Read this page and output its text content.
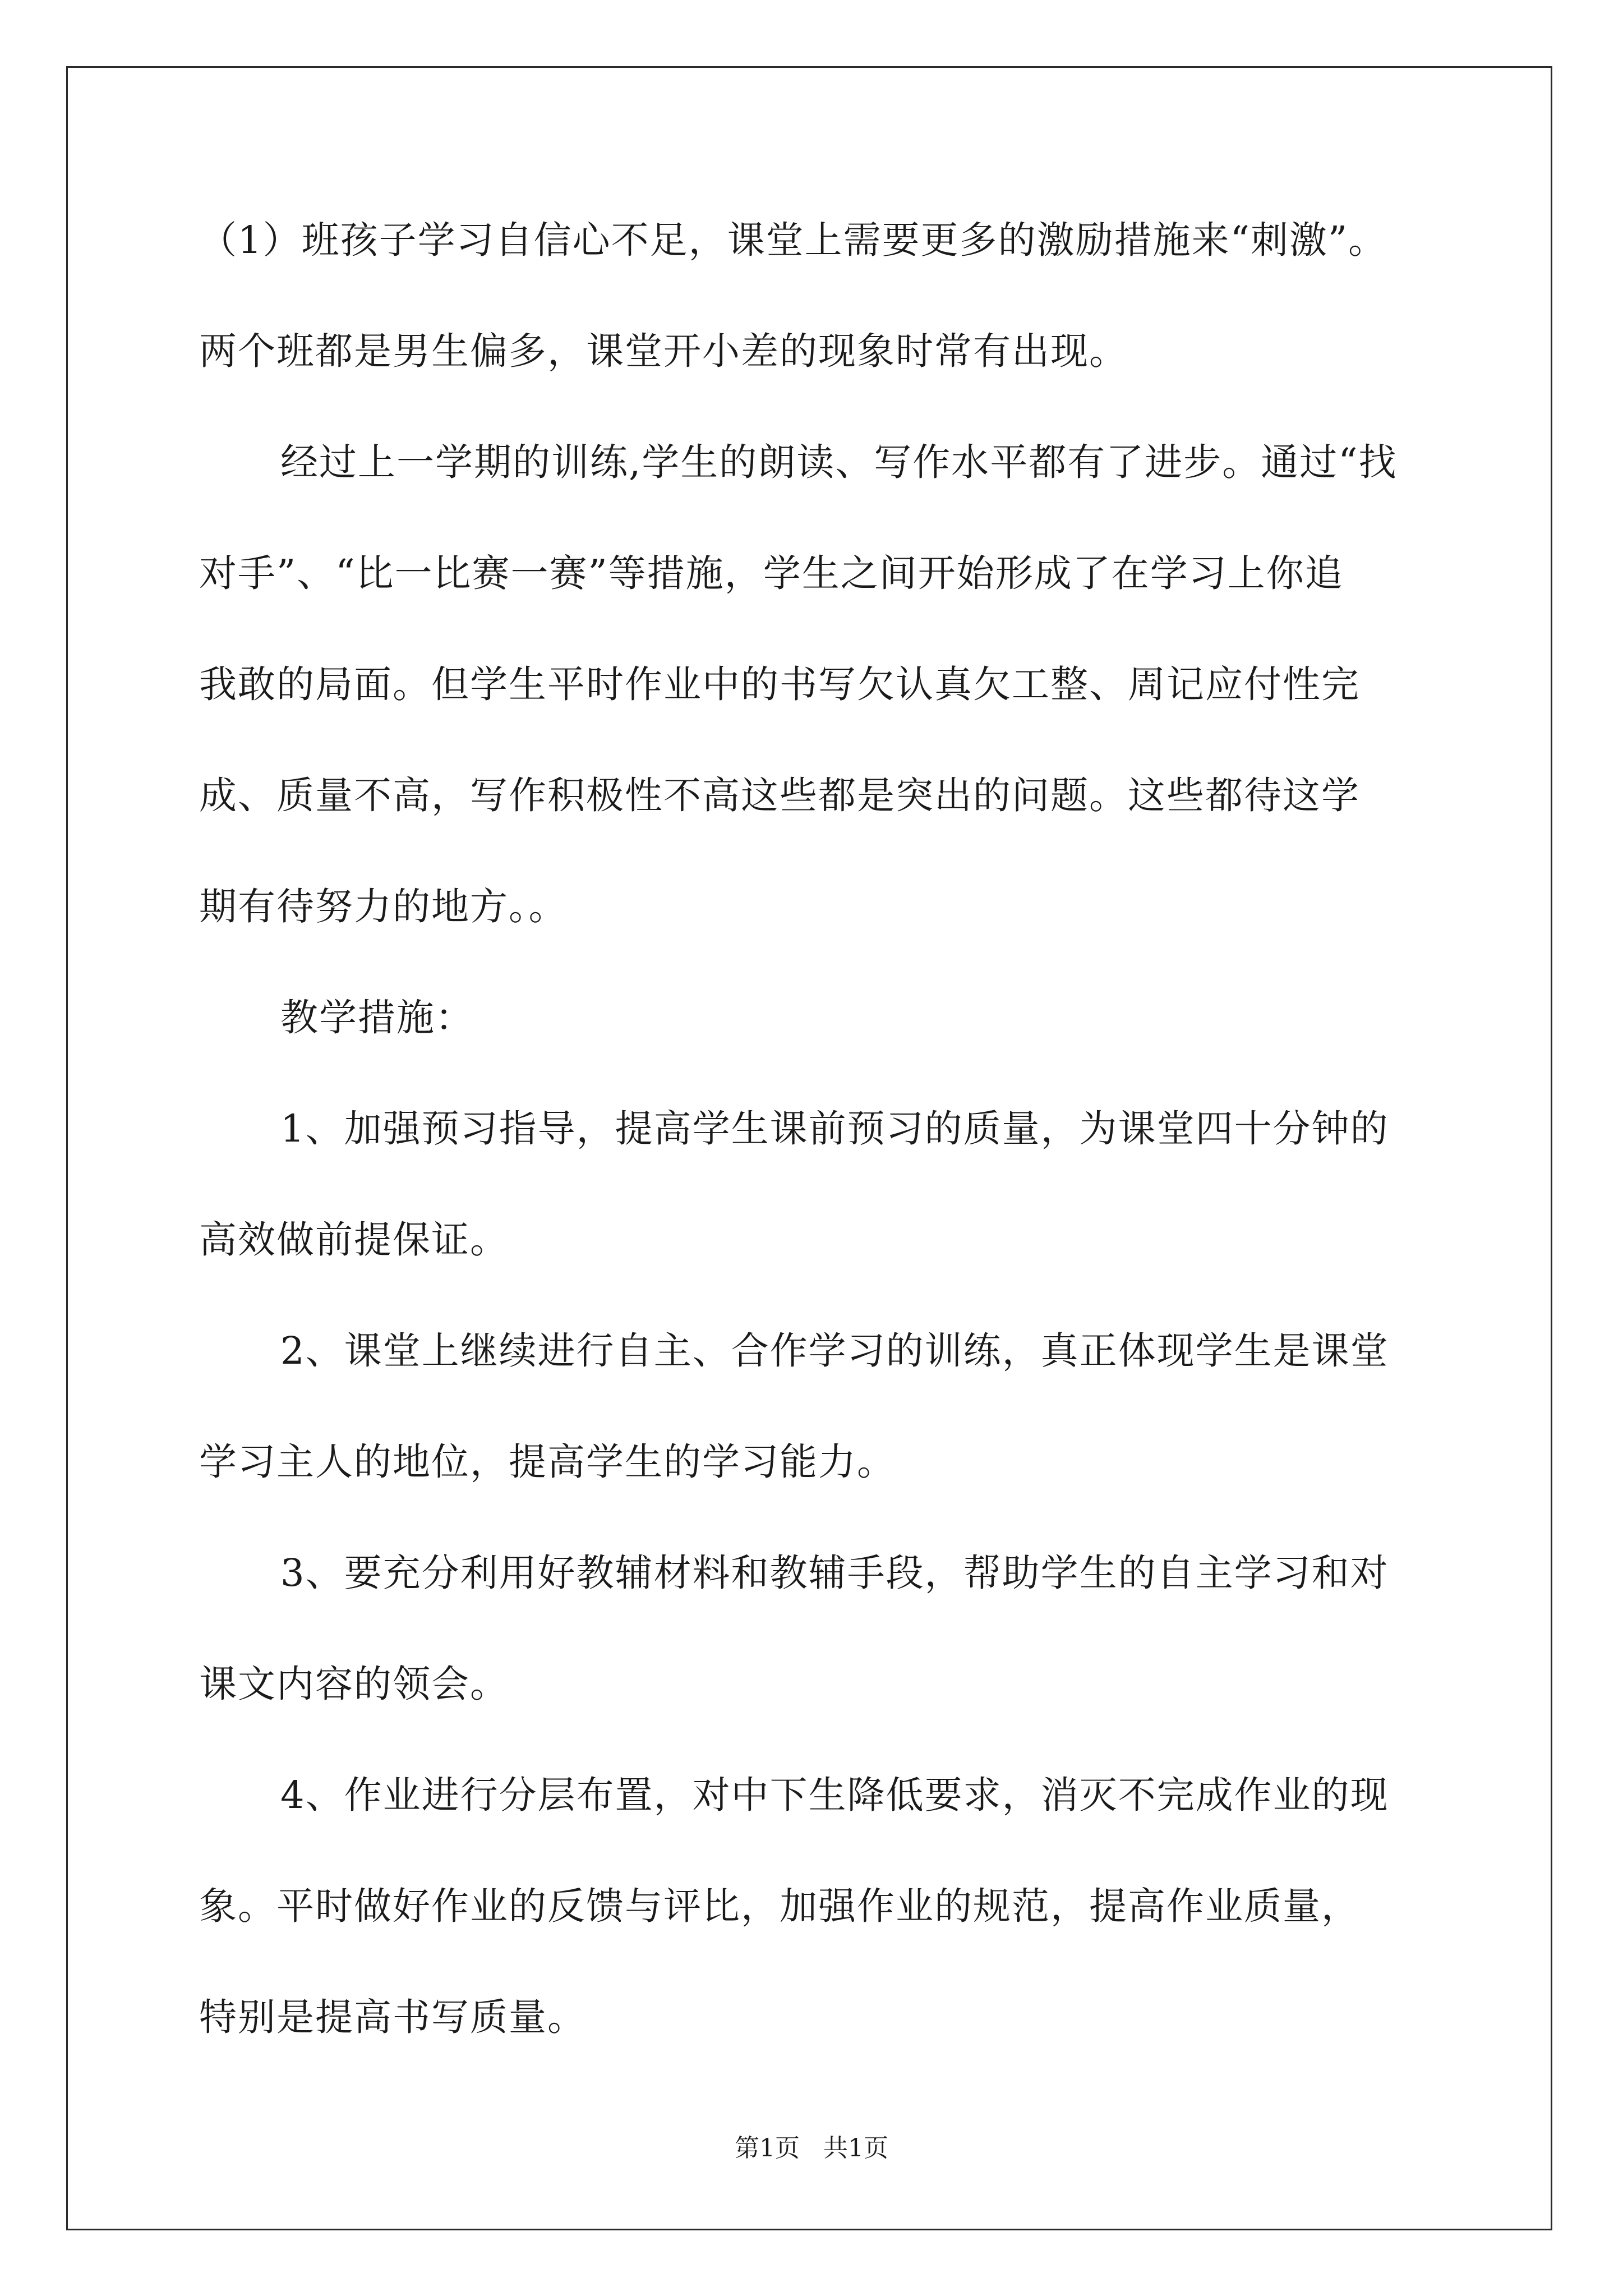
（1）班孩子学习自信心不足，课堂上需要更多的激励措施来“刺激”。
两个班都是男生偏多，课堂开小差的现象时常有出现。
经过上一学期的训练,学生的朗读、写作水平都有了进步。通过“找
对手”、“比一比赛一赛”等措施，学生之间开始形成了在学习上你追
我敢的局面。但学生平时作业中的书写欠认真欠工整、周记应付性完
成、质量不高，写作积极性不高这些都是突出的问题。这些都待这学
期有待努力的地方。。
教学措施：
1、加强预习指导，提高学生课前预习的质量，为课堂四十分钟的
高效做前提保证。
2、课堂上继续进行自主、合作学习的训练，真正体现学生是课堂
学习主人的地位，提高学生的学习能力。
3、要充分利用好教辅材料和教辅手段，帮助学生的自主学习和对
课文内容的领会。
4、作业进行分层布置，对中下生降低要求，消灭不完成作业的现
象。平时做好作业的反馈与评比，加强作业的规范，提高作业质量，
特别是提高书写质量。
第1页 共1页
